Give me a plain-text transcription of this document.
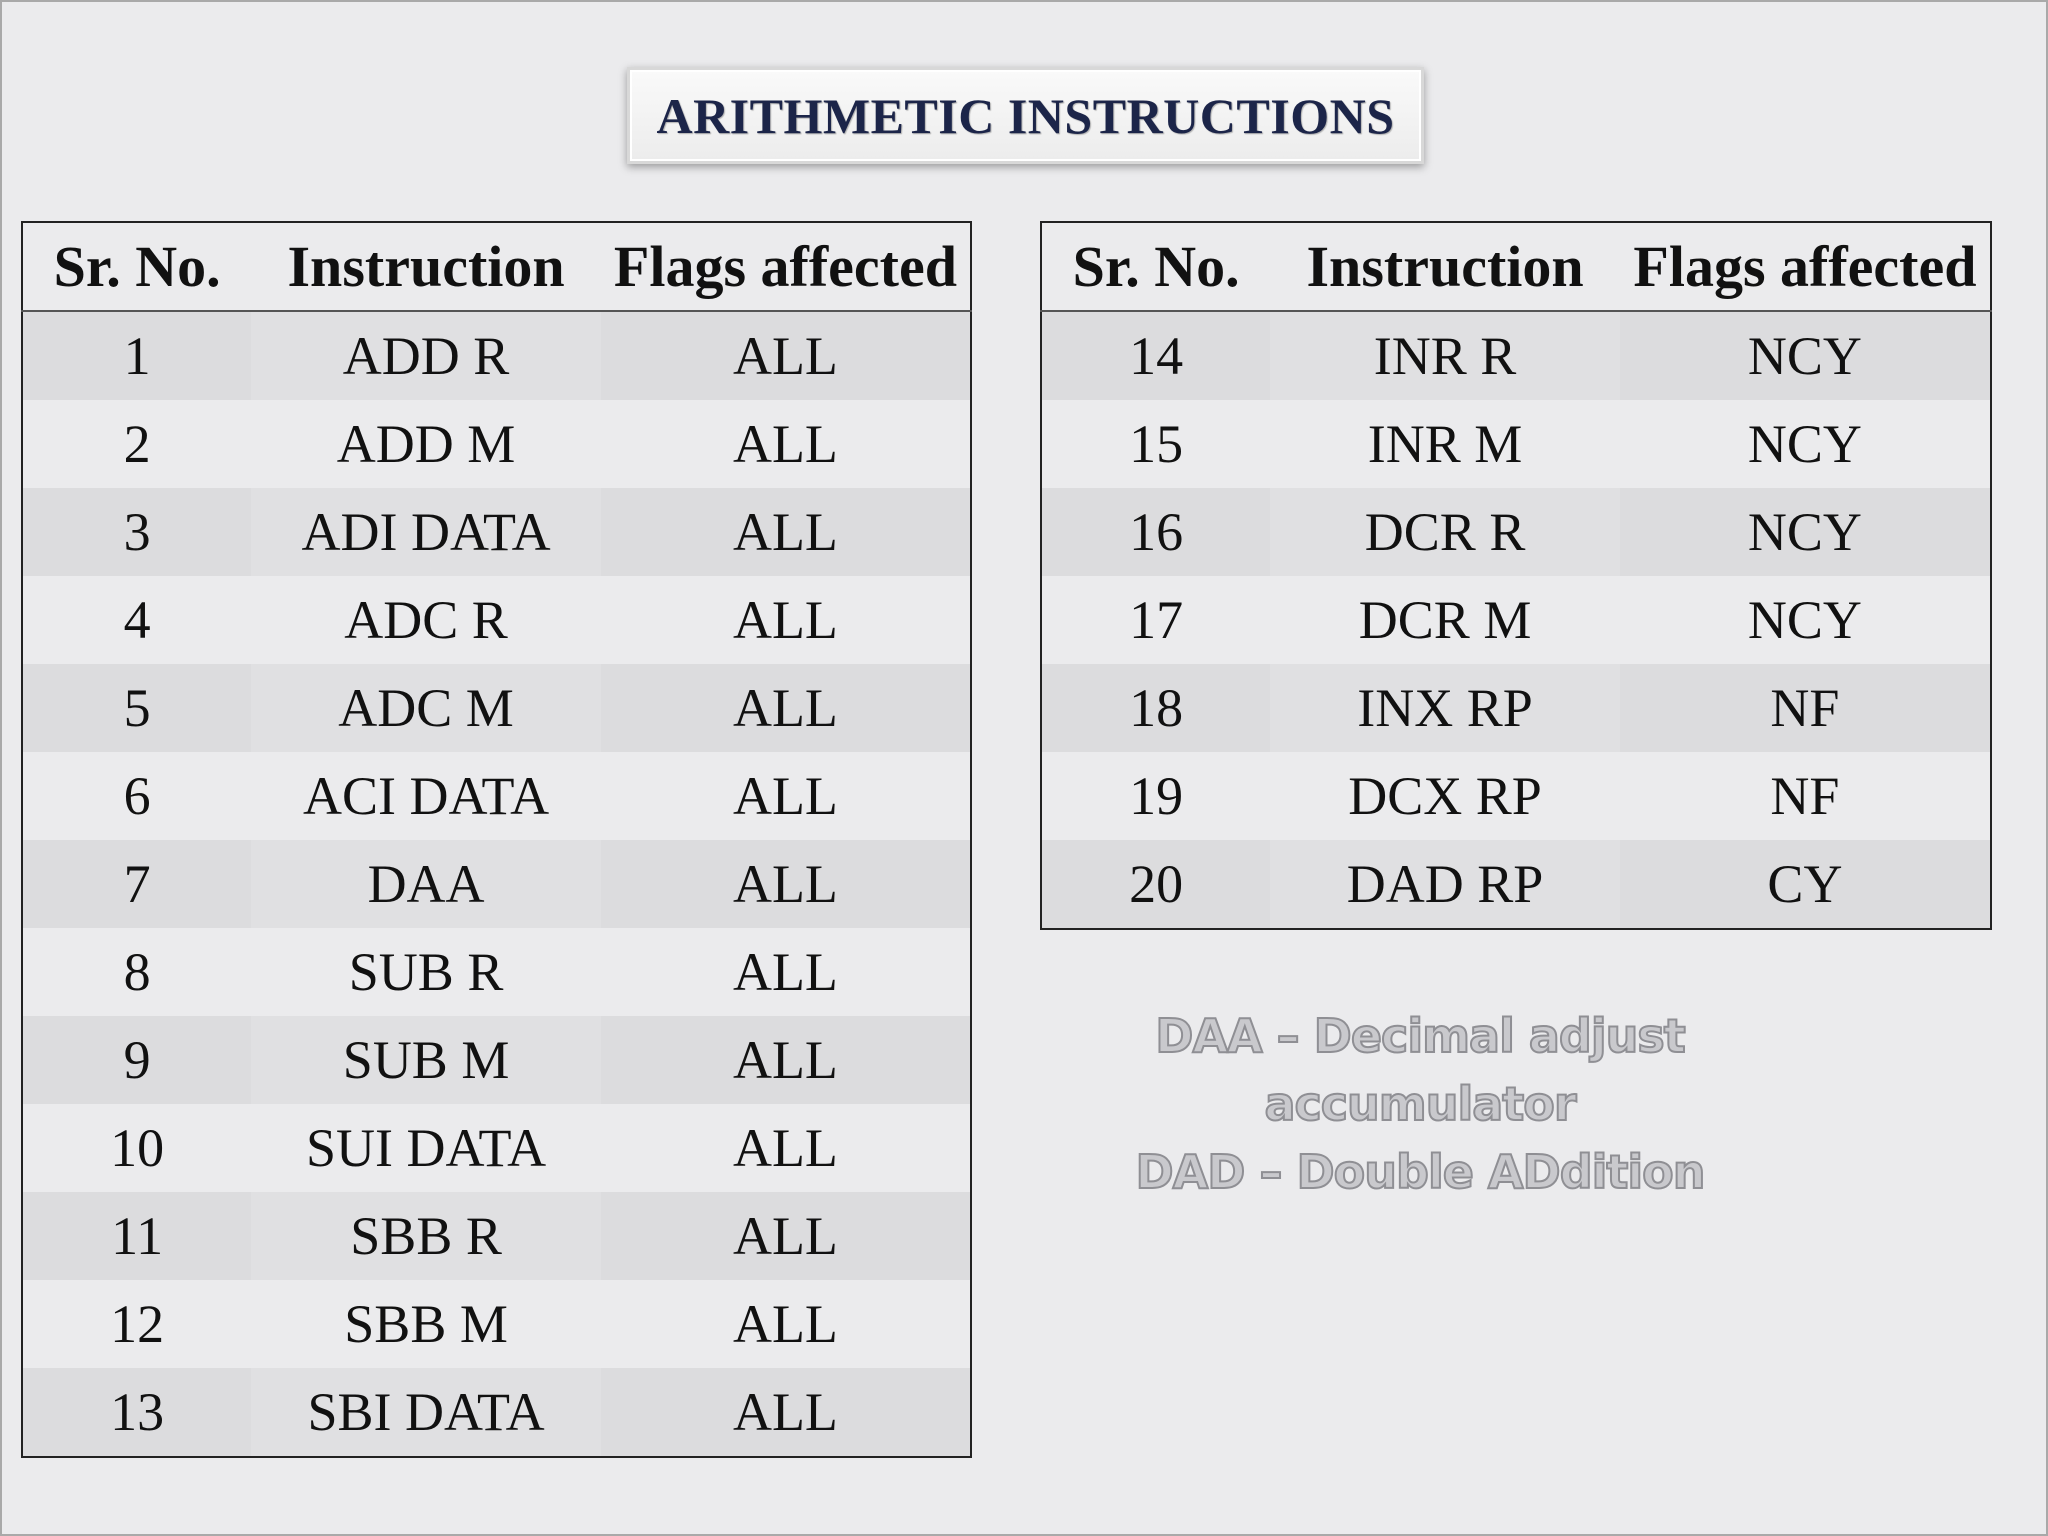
ARITHMETIC INSTRUCTIONS
Sr. No.	Instruction	Flags affected
1	ADD R	ALL
2	ADD M	ALL
3	ADI DATA	ALL
4	ADC R	ALL
5	ADC M	ALL
6	ACI DATA	ALL
7	DAA	ALL
8	SUB R	ALL
9	SUB M	ALL
10	SUI DATA	ALL
11	SBB R	ALL
12	SBB M	ALL
13	SBI DATA	ALL
Sr. No.	Instruction	Flags affected
14	INR R	NCY
15	INR M	NCY
16	DCR R	NCY
17	DCR M	NCY
18	INX RP	NF
19	DCX RP	NF
20	DAD RP	CY
DAA – Decimal adjust accumulator
DAD – Double ADdition
